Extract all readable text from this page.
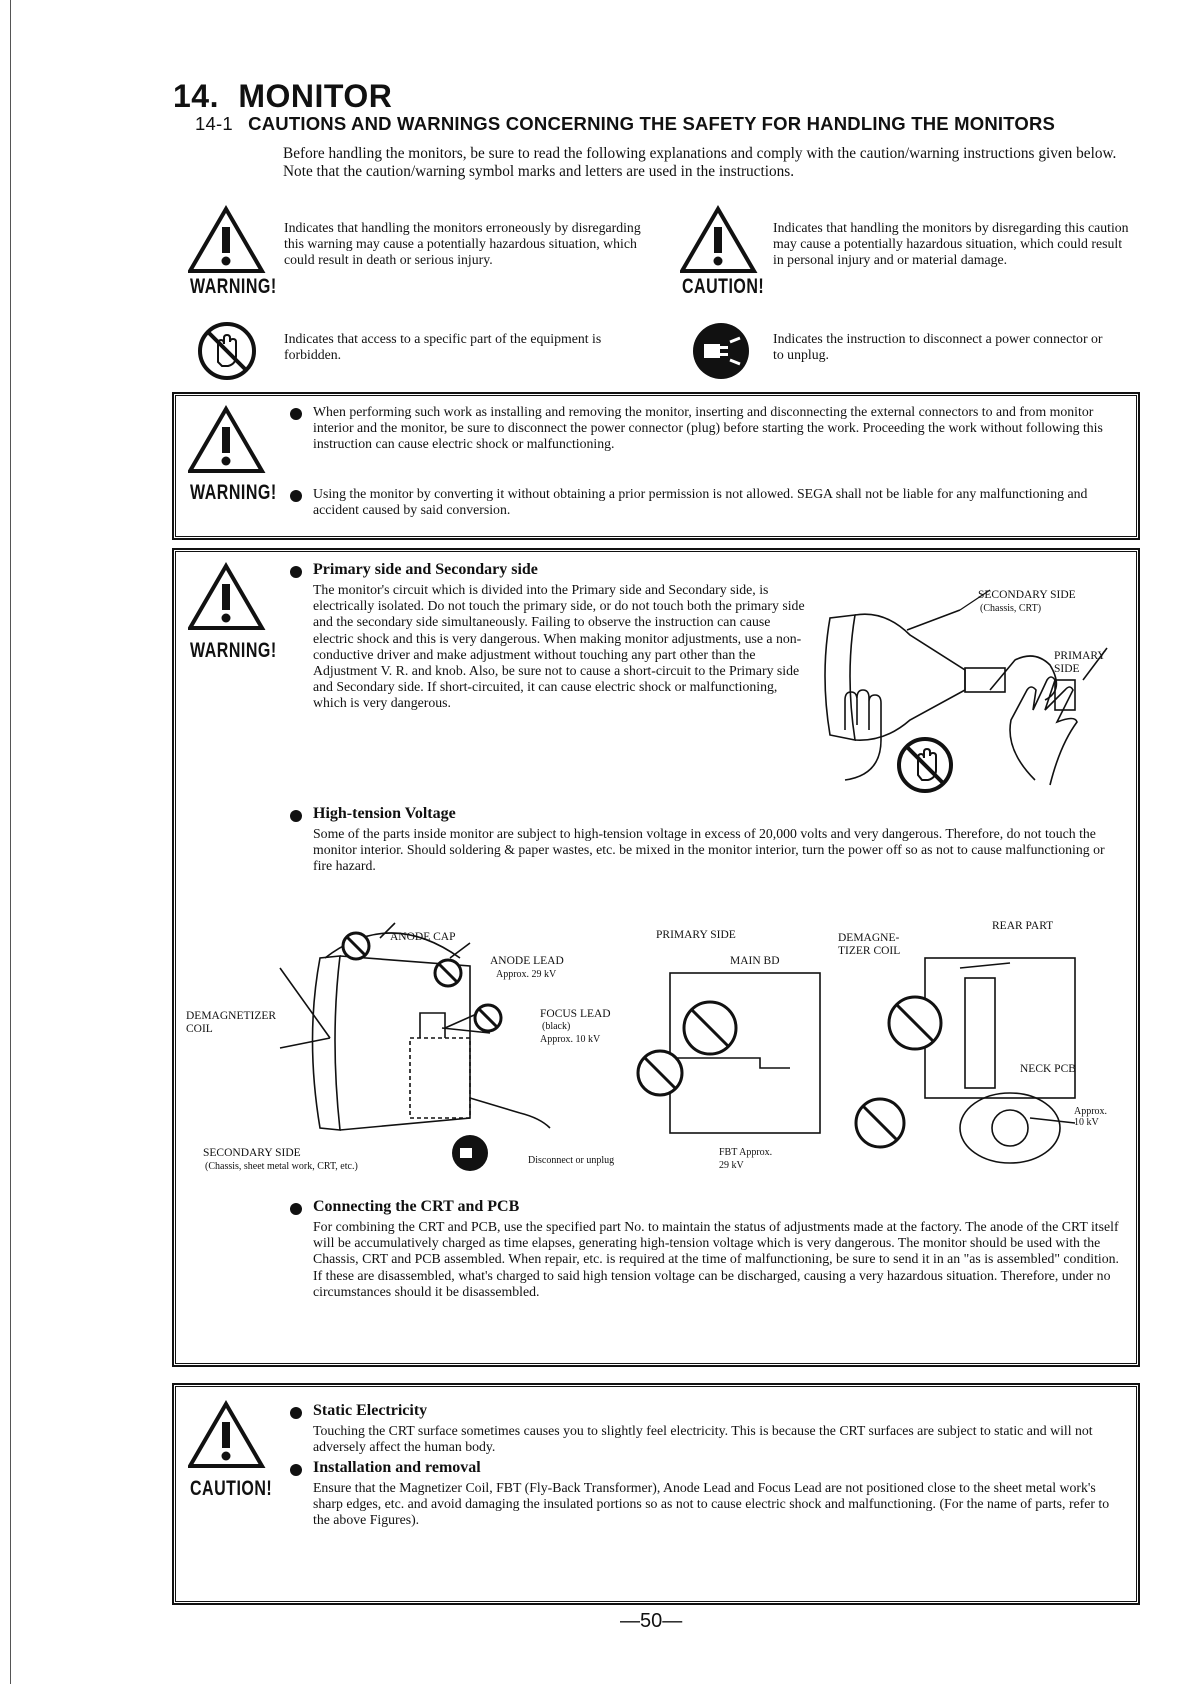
14. MONITOR
14-1 CAUTIONS AND WARNINGS CONCERNING THE SAFETY FOR HANDLING THE MONITORS
Before handling the monitors, be sure to read the following explanations and comply with the caution/warning instructions given below. Note that the caution/warning symbol marks and letters are used in the instructions.
WARNING!
Indicates that handling the monitors erroneously by disregarding this warning may cause a potentially hazardous situation, which could result in death or serious injury.
CAUTION!
Indicates that handling the monitors by disregarding this caution may cause a potentially hazardous situation, which could result in personal injury and or material damage.
Indicates that access to a specific part of the equipment is forbidden.
Indicates the instruction to disconnect a power connector or to unplug.
WARNING!
When performing such work as installing and removing the monitor, inserting and disconnecting the external connectors to and from monitor interior and the monitor, be sure to disconnect the power connector (plug) before starting the work. Proceeding the work without following this instruction can cause electric shock or malfunctioning.
Using the monitor by converting it without obtaining a prior permission is not allowed. SEGA shall not be liable for any malfunctioning and accident caused by said conversion.
WARNING!
Primary side and Secondary side
The monitor's circuit which is divided into the Primary side and Secondary side, is electrically isolated. Do not touch the primary side, or do not touch both the primary side and the secondary side simultaneously. Failing to observe the instruction can cause electric shock and this is very dangerous. When making monitor adjustments, use a non-conductive driver and make adjustment without touching any part other than the Adjustment V. R. and knob. Also, be sure not to cause a short-circuit to the Primary side and Secondary side. If short-circuited, it can cause electric shock or malfunctioning, which is very dangerous.
SECONDARY SIDE
(Chassis, CRT)
PRIMARY
SIDE
High-tension Voltage
Some of the parts inside monitor are subject to high-tension voltage in excess of 20,000 volts and very dangerous. Therefore, do not touch the monitor interior. Should soldering & paper wastes, etc. be mixed in the monitor interior, turn the power off so as not to cause malfunctioning or fire hazard.
ANODE CAP
ANODE LEAD
Approx. 29 kV
FOCUS LEAD
(black)
Approx. 10 kV
DEMAGNETIZER
COIL
SECONDARY SIDE
(Chassis, sheet metal work, CRT, etc.)
Disconnect or unplug
PRIMARY SIDE
MAIN BD
FBT Approx.
29 kV
DEMAGNE-
TIZER COIL
REAR PART
NECK PCB
Approx.
10 kV
Connecting the CRT and PCB
For combining the CRT and PCB, use the specified part No. to maintain the status of adjustments made at the factory. The anode of the CRT itself will be accumulatively charged as time elapses, generating high-tension voltage which is very dangerous. The monitor should be used with the Chassis, CRT and PCB assembled. When repair, etc. is required at the time of malfunctioning, be sure to send it in an "as is assembled" condition. If these are disassembled, what's charged to said high tension voltage can be discharged, causing a very hazardous situation. Therefore, under no circumstances should it be disassembled.
CAUTION!
Static Electricity
Touching the CRT surface sometimes causes you to slightly feel electricity. This is because the CRT surfaces are subject to static and will not adversely affect the human body.
Installation and removal
Ensure that the Magnetizer Coil, FBT (Fly-Back Transformer), Anode Lead and Focus Lead are not positioned close to the sheet metal work's sharp edges, etc. and avoid damaging the insulated portions so as not to cause electric shock and malfunctioning. (For the name of parts, refer to the above Figures).
—50—
